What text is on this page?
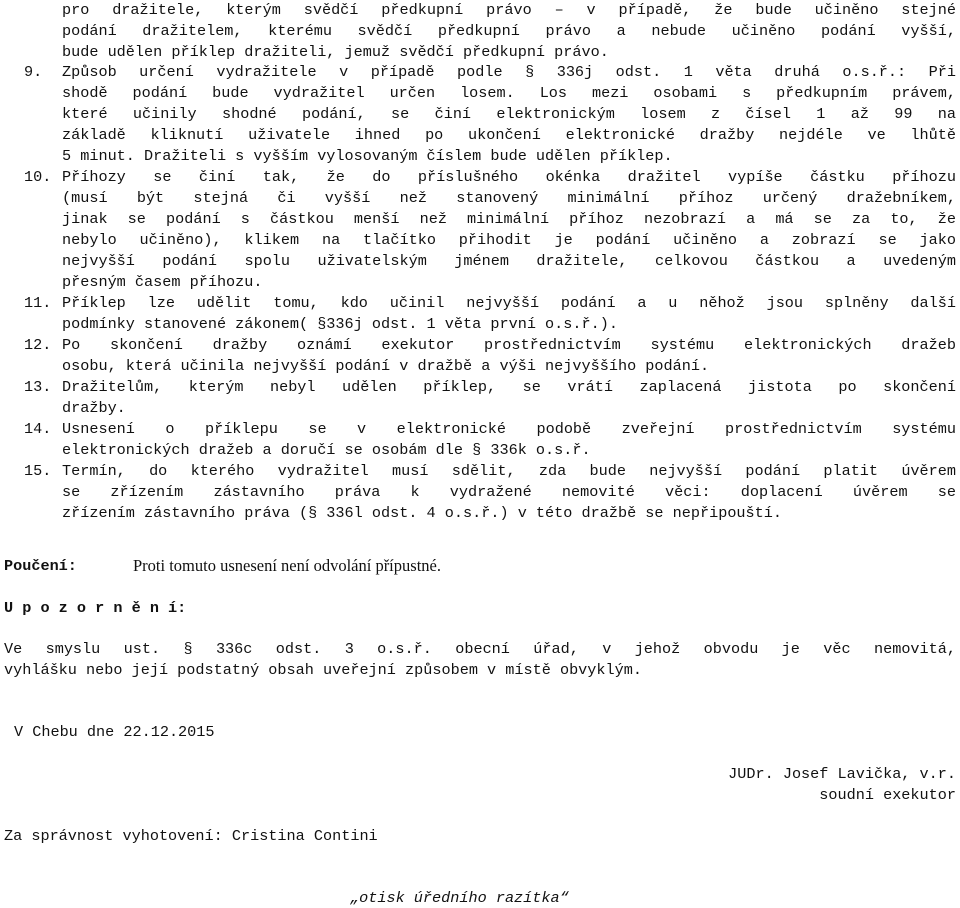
pro dražitele, kterým svědčí předkupní právo – v případě, že bude učiněno stejné
podání dražitelem, kterému svědčí předkupní právo a nebude učiněno podání vyšší,
bude udělen příklep dražiteli, jemuž svědčí předkupní právo.
9. Způsob určení vydražitele v případě podle § 336j odst. 1 věta druhá o.s.ř.: Při
shodě podání bude vydražitel určen losem. Los mezi osobami s předkupním právem,
které učinily shodné podání, se činí elektronickým losem z čísel 1 až 99 na
základě kliknutí uživatele ihned po ukončení elektronické dražby nejdéle ve lhůtě
5 minut. Dražiteli s vyšším vylosovaným číslem bude udělen příklep.
10. Příhozy se činí tak, že do příslušného okénka dražitel vypíše částku příhozu
(musí být stejná či vyšší než stanovený minimální příhoz určený dražebníkem,
jinak se podání s částkou menší než minimální příhoz nezobrazí a má se za to, že
nebylo učiněno), klikem na tlačítko přihodit je podání učiněno a zobrazí se jako
nejvyšší podání spolu uživatelským jménem dražitele, celkovou částkou a uvedeným
přesným časem příhozu.
11. Příklep lze udělit tomu, kdo učinil nejvyšší podání a u něhož jsou splněny další
podmínky stanovené zákonem( §336j odst. 1 věta první o.s.ř.).
12. Po skončení dražby oznámí exekutor prostřednictvím systému elektronických dražeb
osobu, která učinila nejvyšší podání v dražbě a výši nejvyššího podání.
13. Dražitelům, kterým nebyl udělen příklep, se vrátí zaplacená jistota po skončení
dražby.
14. Usnesení o příklepu se v elektronické podobě zveřejní prostřednictvím systému
elektronických dražeb a doručí se osobám dle § 336k o.s.ř.
15. Termín, do kterého vydražitel musí sdělit, zda bude nejvyšší podání platit úvěrem
se zřízením zástavního práva k vydražené nemovité věci: doplacení úvěrem se
zřízením zástavního práva (§ 336l odst. 4 o.s.ř.) v této dražbě se nepřipouští.
Poučení:	Proti tomuto usnesení není odvolání přípustné.
U p o z o r n ě n í:
Ve smyslu ust. § 336c odst. 3 o.s.ř. obecní úřad, v jehož obvodu je věc nemovitá,
vyhlášku nebo její podstatný obsah uveřejní způsobem v místě obvyklým.
V Chebu dne 22.12.2015
JUDr. Josef Lavička, v.r.
soudní exekutor
Za správnost vyhotovení: Cristina Contini
„otisk úředního razítka“
